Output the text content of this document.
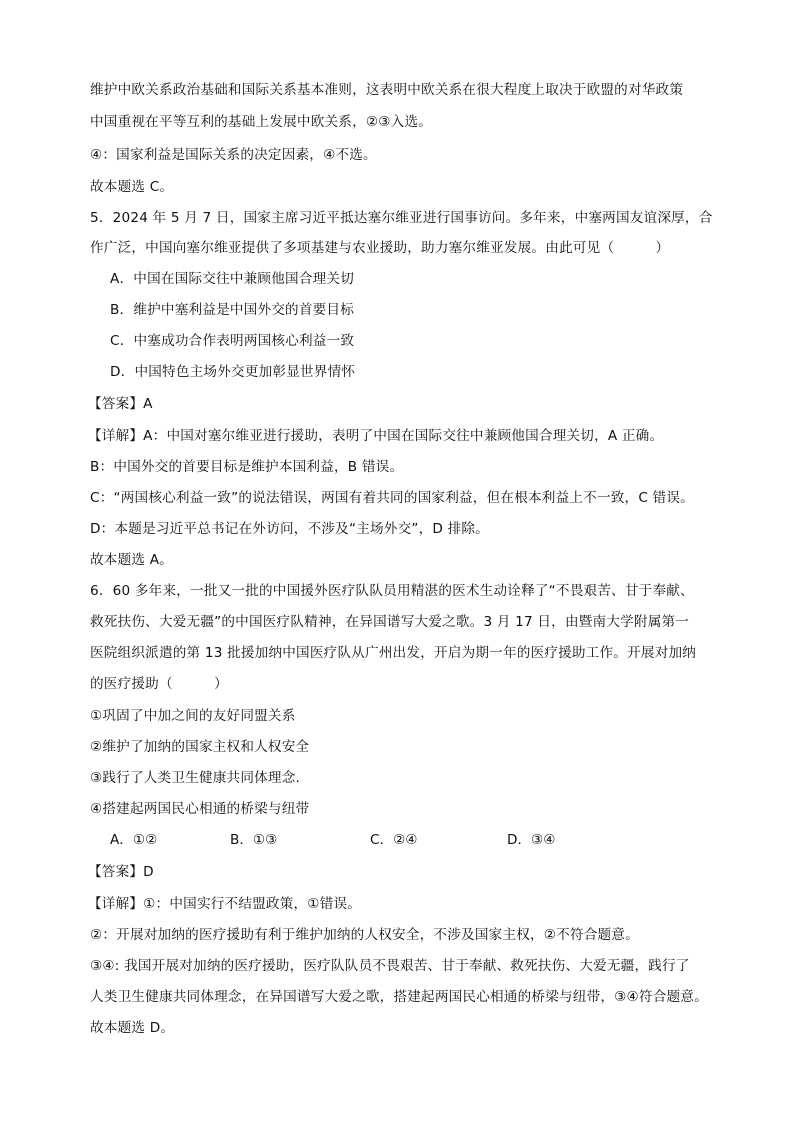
维护中欧关系政治基础和国际关系基本准则，这表明中欧关系在很大程度上取决于欧盟的对华政策
中国重视在平等互利的基础上发展中欧关系，②③入选。
④：国家利益是国际关系的决定因素，④不选。
故本题选 C。
5．2024 年 5 月 7 日，国家主席习近平抵达塞尔维亚进行国事访问。多年来，中塞两国友谊深厚，合
作广泛，中国向塞尔维亚提供了多项基建与农业援助，助力塞尔维亚发展。由此可见（　　　）
A．中国在国际交往中兼顾他国合理关切
B．维护中塞利益是中国外交的首要目标
C．中塞成功合作表明两国核心利益一致
D．中国特色主场外交更加彰显世界情怀
【答案】A
【详解】A：中国对塞尔维亚进行援助，表明了中国在国际交往中兼顾他国合理关切，A 正确。
B：中国外交的首要目标是维护本国利益，B 错误。
C：“两国核心利益一致”的说法错误，两国有着共同的国家利益，但在根本利益上不一致，C 错误。
D：本题是习近平总书记在外访问，不涉及“主场外交”，D 排除。
故本题选 A。
6．60 多年来，一批又一批的中国援外医疗队队员用精湛的医术生动诠释了“不畏艰苦、甘于奉献、
救死扶伤、大爱无疆”的中国医疗队精神，在异国谱写大爱之歌。3 月 17 日，由暨南大学附属第一
医院组织派遣的第 13 批援加纳中国医疗队从广州出发，开启为期一年的医疗援助工作。开展对加纳
的医疗援助（　　　）
①巩固了中加之间的友好同盟关系
②维护了加纳的国家主权和人权安全
③践行了人类卫生健康共同体理念.
④搭建起两国民心相通的桥梁与纽带
A．①②	B．①③	C．②④	D．③④
【答案】D
【详解】①：中国实行不结盟政策，①错误。
②：开展对加纳的医疗援助有利于维护加纳的人权安全，不涉及国家主权，②不符合题意。
③④: 我国开展对加纳的医疗援助，医疗队队员不畏艰苦、甘于奉献、救死扶伤、大爱无疆，践行了
人类卫生健康共同体理念，在异国谱写大爱之歌，搭建起两国民心相通的桥梁与纽带，③④符合题意。
故本题选 D。
